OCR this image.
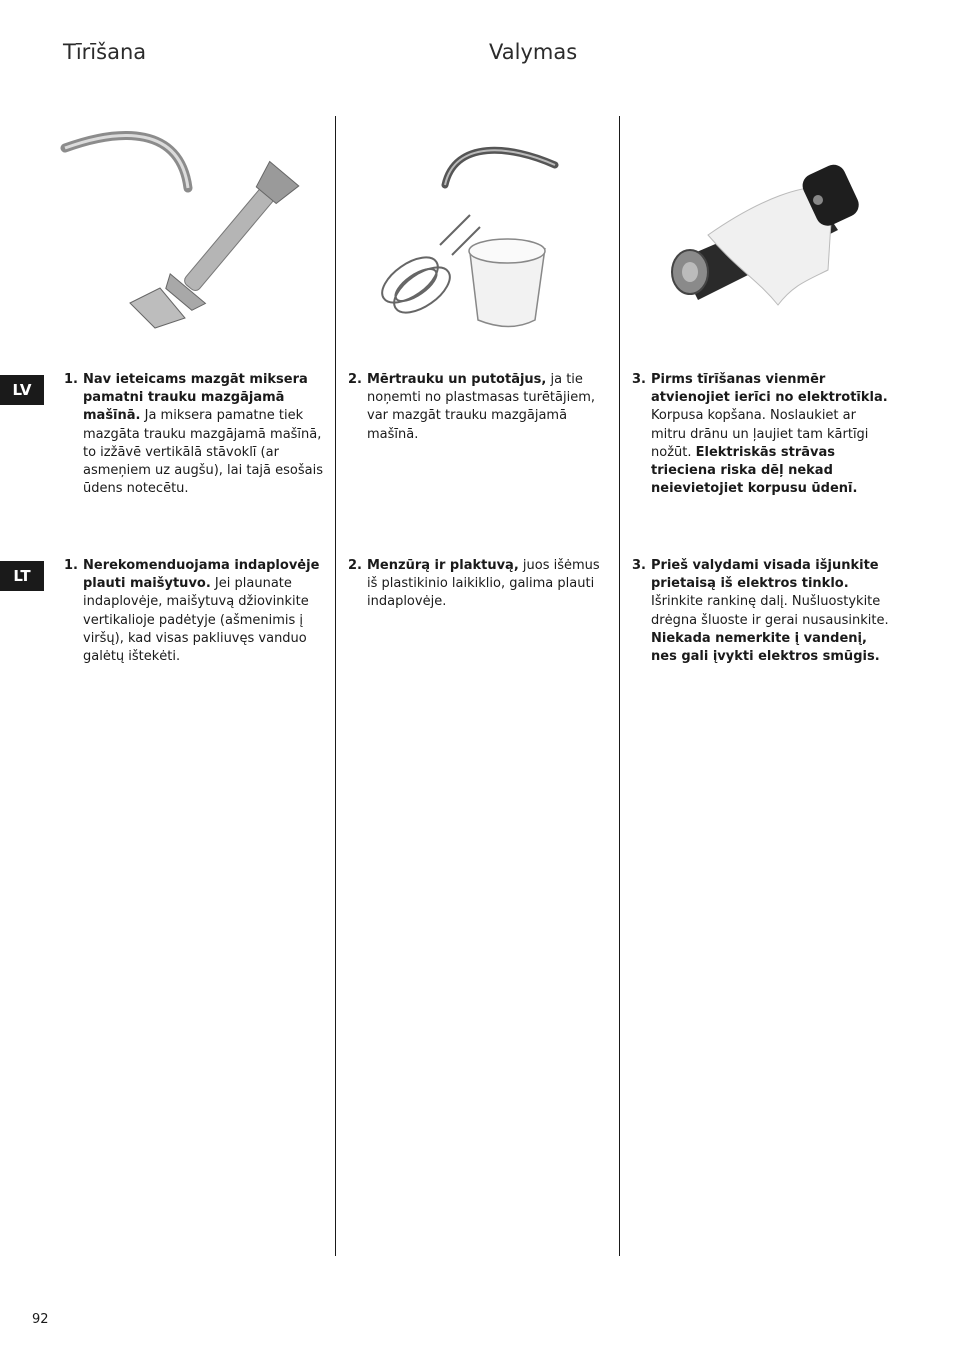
Tīrīšana	Valymas
LV
LT
1. Nav ieteicams mazgāt miksera pamatni trauku mazgājamā mašīnā. Ja miksera pamatne tiek mazgāta trauku mazgājamā mašīnā, to izžāvē vertikālā stāvoklī (ar asmeņiem uz augšu), lai tajā esošais ūdens notecētu.
2. Mērtrauku un putotājus, ja tie noņemti no plastmasas turētājiem, var mazgāt trauku mazgājamā mašīnā.
3. Pirms tīrīšanas vienmēr atvienojiet ierīci no elektrotīkla. Korpusa kopšana. Noslaukiet ar mitru drānu un ļaujiet tam kārtīgi nožūt. Elektriskās strāvas trieciena riska dēļ nekad neievietojiet korpusu ūdenī.
1. Nerekomenduojama indaplovėje plauti maišytuvo. Jei plaunate indaplovėje, maišytuvą džiovinkite vertikalioje padėtyje (ašmenimis į viršų), kad visas pakliuvęs vanduo galėtų ištekėti.
2. Menzūrą ir plaktuvą, juos išėmus iš plastikinio laikiklio, galima plauti indaplovėje.
3. Prieš valydami visada išjunkite prietaisą iš elektros tinklo. Išrinkite rankinę dalį. Nušluostykite drėgna šluoste ir gerai nusausinkite. Niekada nemerkite į vandenį, nes gali įvykti elektros smūgis.
92
